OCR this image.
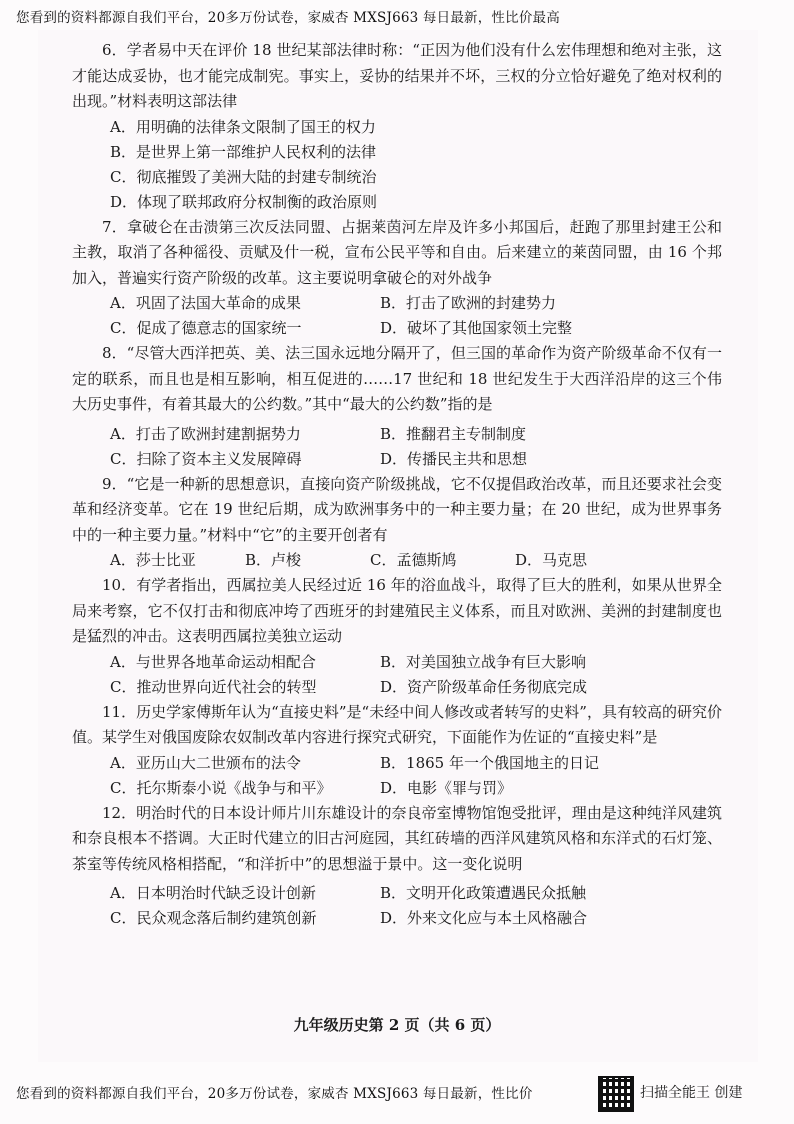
您看到的资料都源自我们平台，20多万份试卷，家威杏 MXSJ663 每日最新，性比价最高
6．学者易中天在评价 18 世纪某部法律时称：“正因为他们没有什么宏伟理想和绝对主张，这才能达成妥协，也才能完成制宪。事实上，妥协的结果并不坏，三权的分立恰好避免了绝对权利的出现。”材料表明这部法律
A．用明确的法律条文限制了国王的权力
B．是世界上第一部维护人民权利的法律
C．彻底摧毁了美洲大陆的封建专制统治
D．体现了联邦政府分权制衡的政治原则
7．拿破仑在击溃第三次反法同盟、占据莱茵河左岸及许多小邦国后，赶跑了那里封建王公和主教，取消了各种徭役、贡赋及什一税，宣布公民平等和自由。后来建立的莱茵同盟，由 16 个邦加入，普遍实行资产阶级的改革。这主要说明拿破仑的对外战争
A．巩固了法国大革命的成果	B．打击了欧洲的封建势力
C．促成了德意志的国家统一	D．破坏了其他国家领土完整
8．“尽管大西洋把英、美、法三国永远地分隔开了，但三国的革命作为资产阶级革命不仅有一定的联系，而且也是相互影响，相互促进的……17 世纪和 18 世纪发生于大西洋沿岸的这三个伟大历史事件，有着其最大的公约数。”其中“最大的公约数”指的是
A．打击了欧洲封建割据势力	B．推翻君主专制制度
C．扫除了资本主义发展障碍	D．传播民主共和思想
9．“它是一种新的思想意识，直接向资产阶级挑战，它不仅提倡政治改革，而且还要求社会变革和经济变革。它在 19 世纪后期，成为欧洲事务中的一种主要力量；在 20 世纪，成为世界事务中的一种主要力量。”材料中“它”的主要开创者有
A．莎士比亚	B．卢梭	C．孟德斯鸠	D．马克思
10．有学者指出，西属拉美人民经过近 16 年的浴血战斗，取得了巨大的胜利，如果从世界全局来考察，它不仅打击和彻底冲垮了西班牙的封建殖民主义体系，而且对欧洲、美洲的封建制度也是猛烈的冲击。这表明西属拉美独立运动
A．与世界各地革命运动相配合	B．对美国独立战争有巨大影响
C．推动世界向近代社会的转型	D．资产阶级革命任务彻底完成
11．历史学家傅斯年认为“直接史料”是“未经中间人修改或者转写的史料”，具有较高的研究价值。某学生对俄国废除农奴制改革内容进行探究式研究，下面能作为佐证的“直接史料”是
A．亚历山大二世颁布的法令	B．1865 年一个俄国地主的日记
C．托尔斯泰小说《战争与和平》	D．电影《罪与罚》
12．明治时代的日本设计师片川东雄设计的奈良帝室博物馆饱受批评，理由是这种纯洋风建筑和奈良根本不搭调。大正时代建立的旧古河庭园，其红砖墙的西洋风建筑风格和东洋式的石灯笼、茶室等传统风格相搭配，“和洋折中”的思想溢于景中。这一变化说明
A．日本明治时代缺乏设计创新	B．文明开化政策遭遇民众抵触
C．民众观念落后制约建筑创新	D．外来文化应与本土风格融合
九年级历史第 2 页（共 6 页）
您看到的资料都源自我们平台，20多万份试卷，家威杏 MXSJ663 每日最新，性比价	扫描全能王 创建
